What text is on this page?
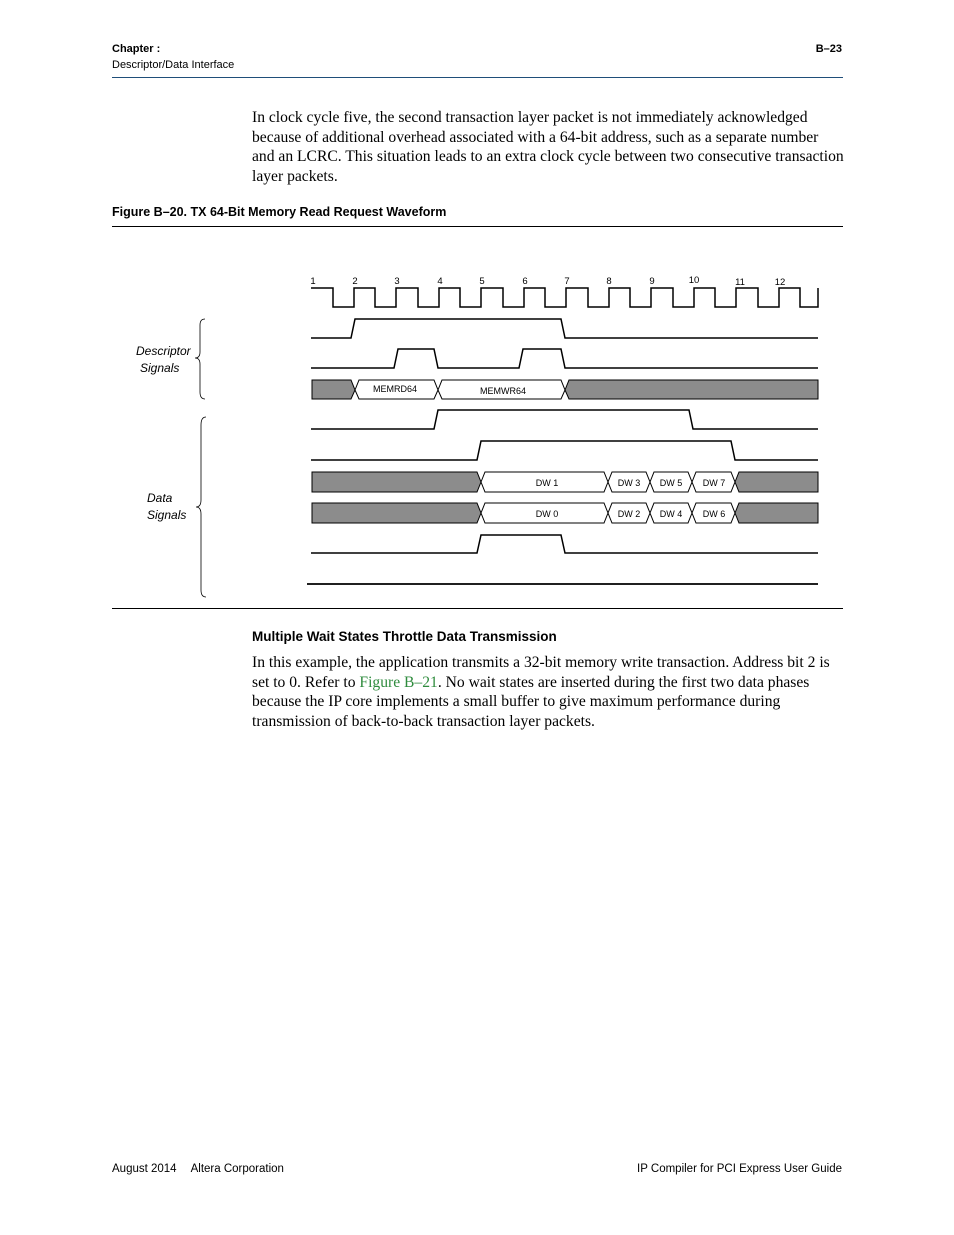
Chapter :
Descriptor/Data Interface
B–23

In clock cycle five, the second transaction layer packet is not immediately acknowledged because of additional overhead associated with a 64-bit address, such as a separate number and an LCRC. This situation leads to an extra clock cycle between two consecutive transaction layer packets.

Figure B–20. TX 64-Bit Memory Read Request Waveform
1	2	3	4	5	6	7	8	9	10	11	12
MEMRD64	MEMWR64
DW 1	DW 3 DW 5 DW 7
DW 0	DW 2 DW 4 DW 6
Descriptor
Signals
Data
Signals
Multiple Wait States Throttle Data Transmission

In this example, the application transmits a 32-bit memory write transaction. Address bit 2 is set to 0. Refer to Figure B–21. No wait states are inserted during the first two data phases because the IP core implements a small buffer to give maximum performance during transmission of back-to-back transaction layer packets.

August 2014 Altera Corporation	IP Compiler for PCI Express User Guide
